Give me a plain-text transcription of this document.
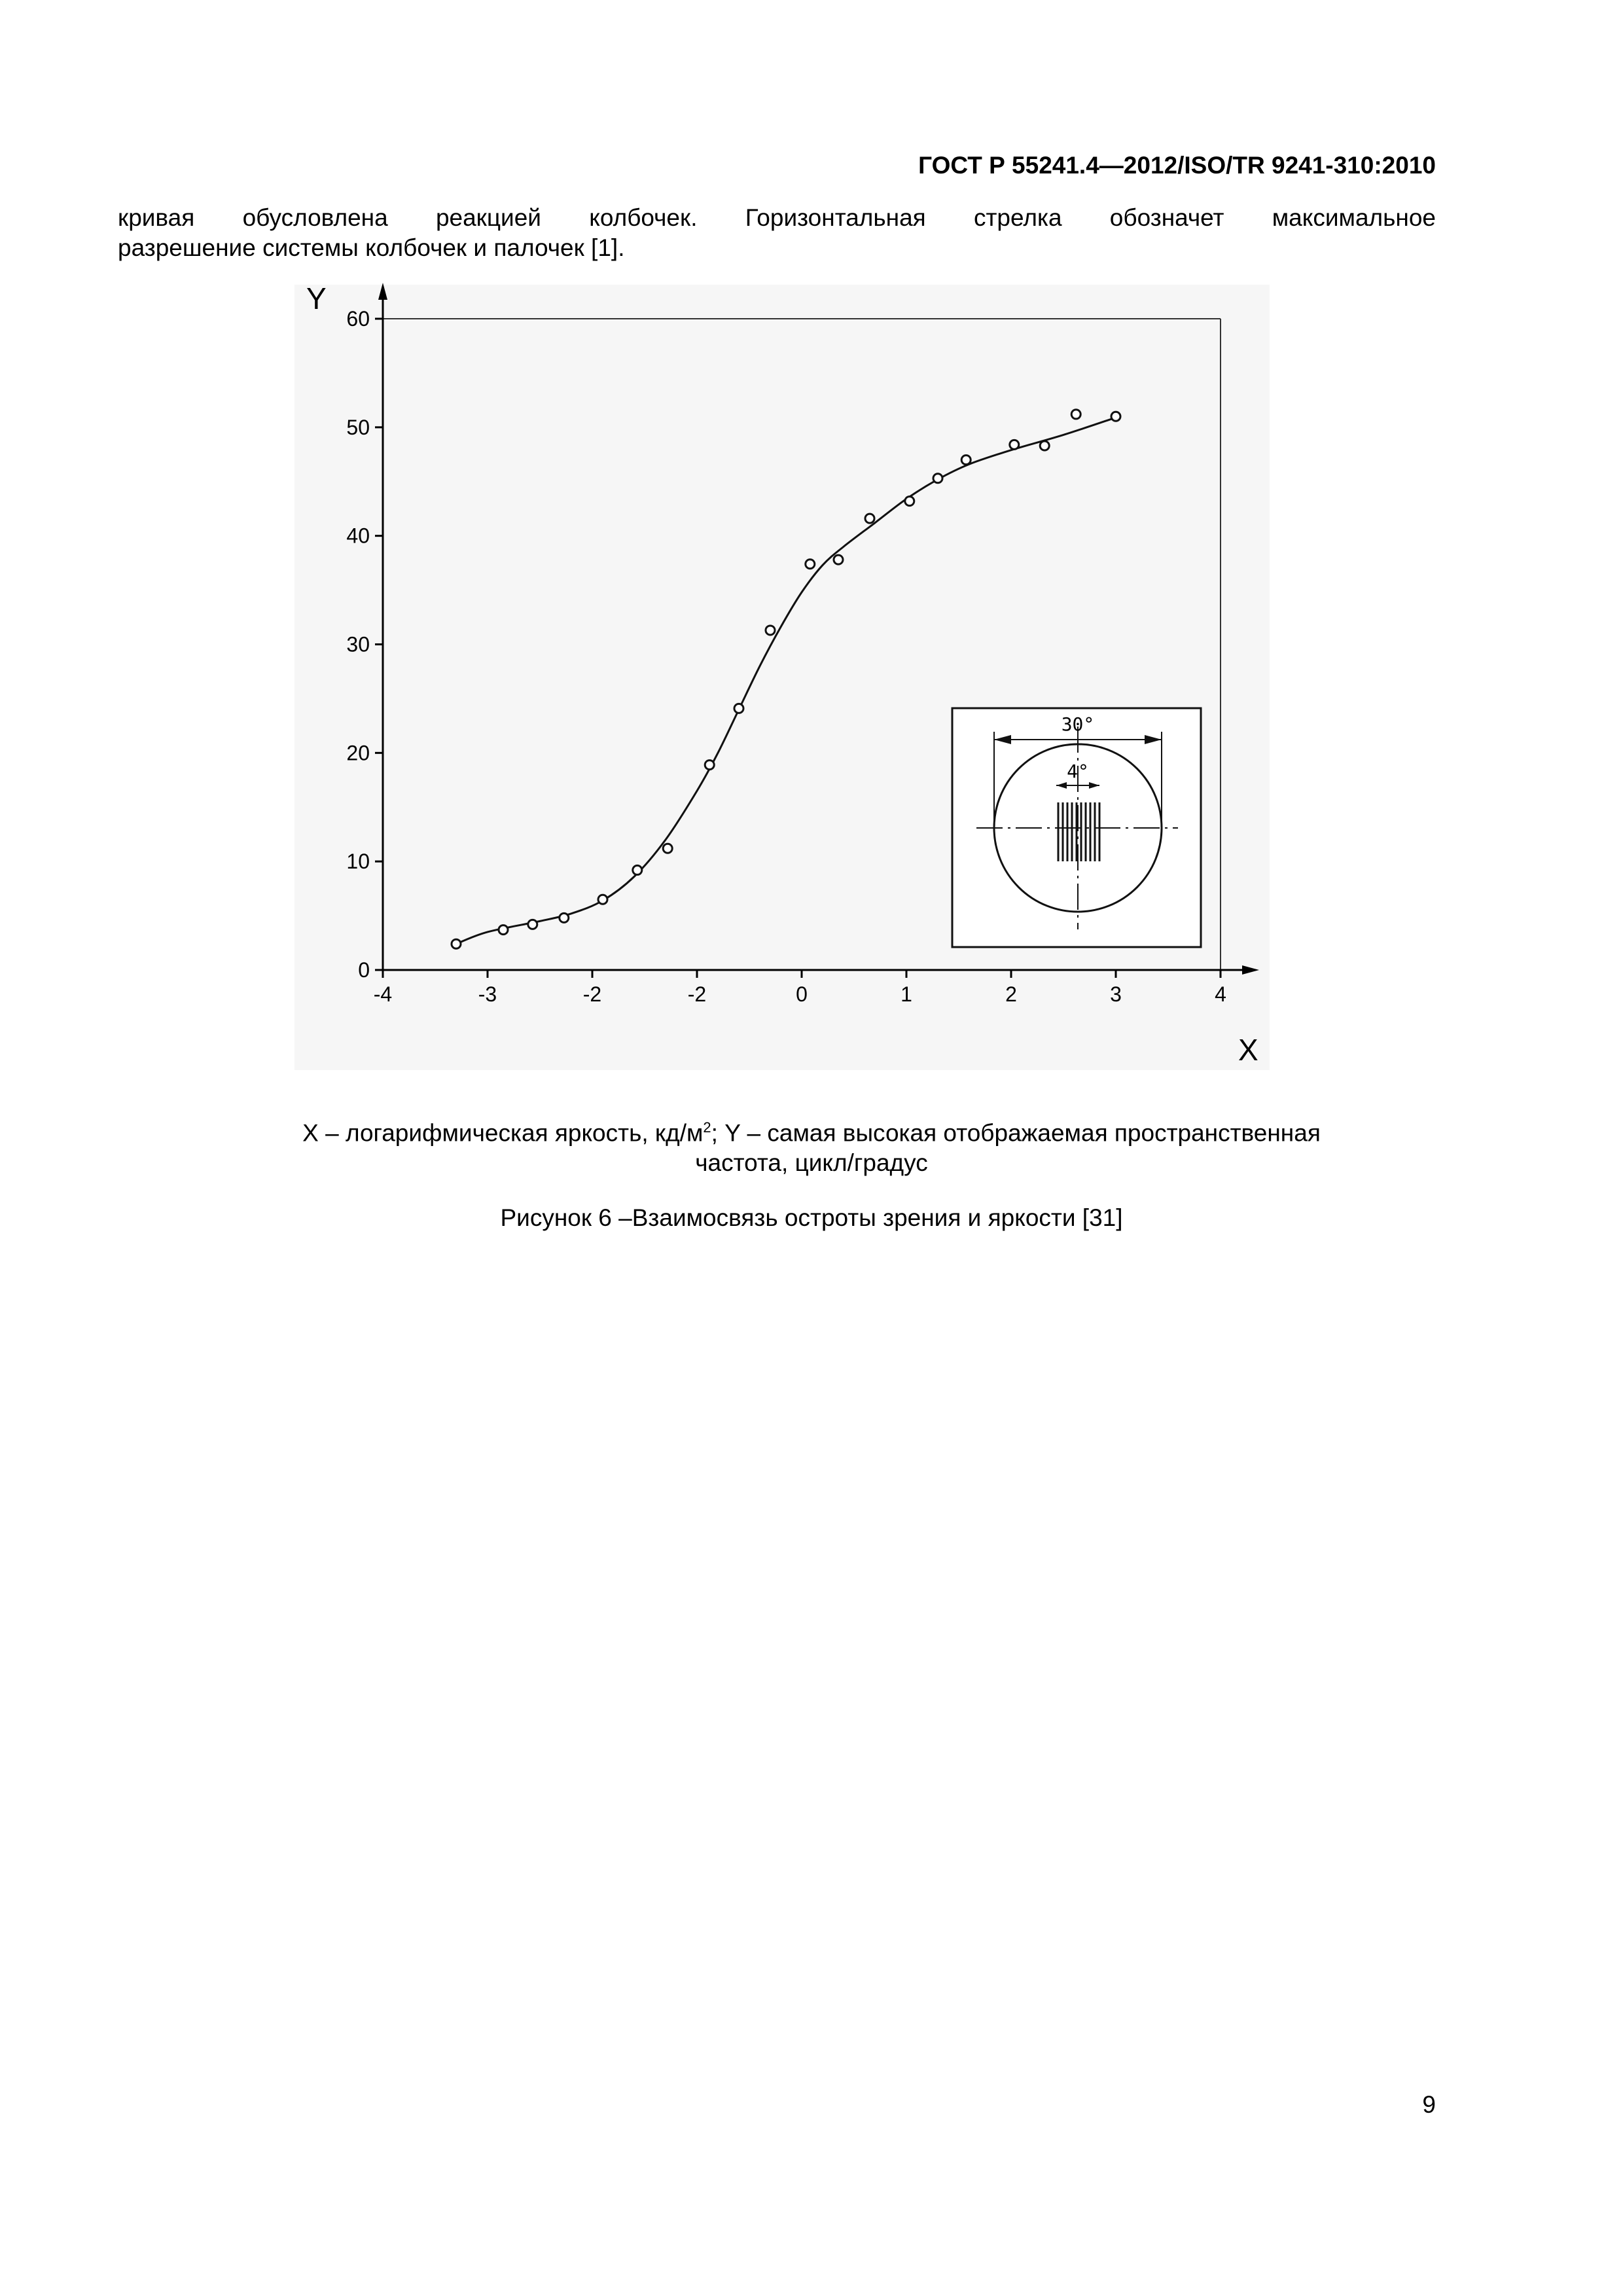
ГОСТ Р 55241.4—2012/ISO/TR 9241-310:2010
кривая обусловлена реакцией колбочек. Горизонтальная стрелка обозначет максимальное
разрешение системы колбочек и палочек [1].
0
10
20
30
40
50
60
-4	-3	-2	-2	0	1	2	3	4
Y
X
30°
4°
X – логарифмическая яркость, $кд/м^2$; Y – самая высокая отображаемая пространственная
частота, цикл/градус
Рисунок 6 –Взаимосвязь остроты зрения и яркости [31]
9
